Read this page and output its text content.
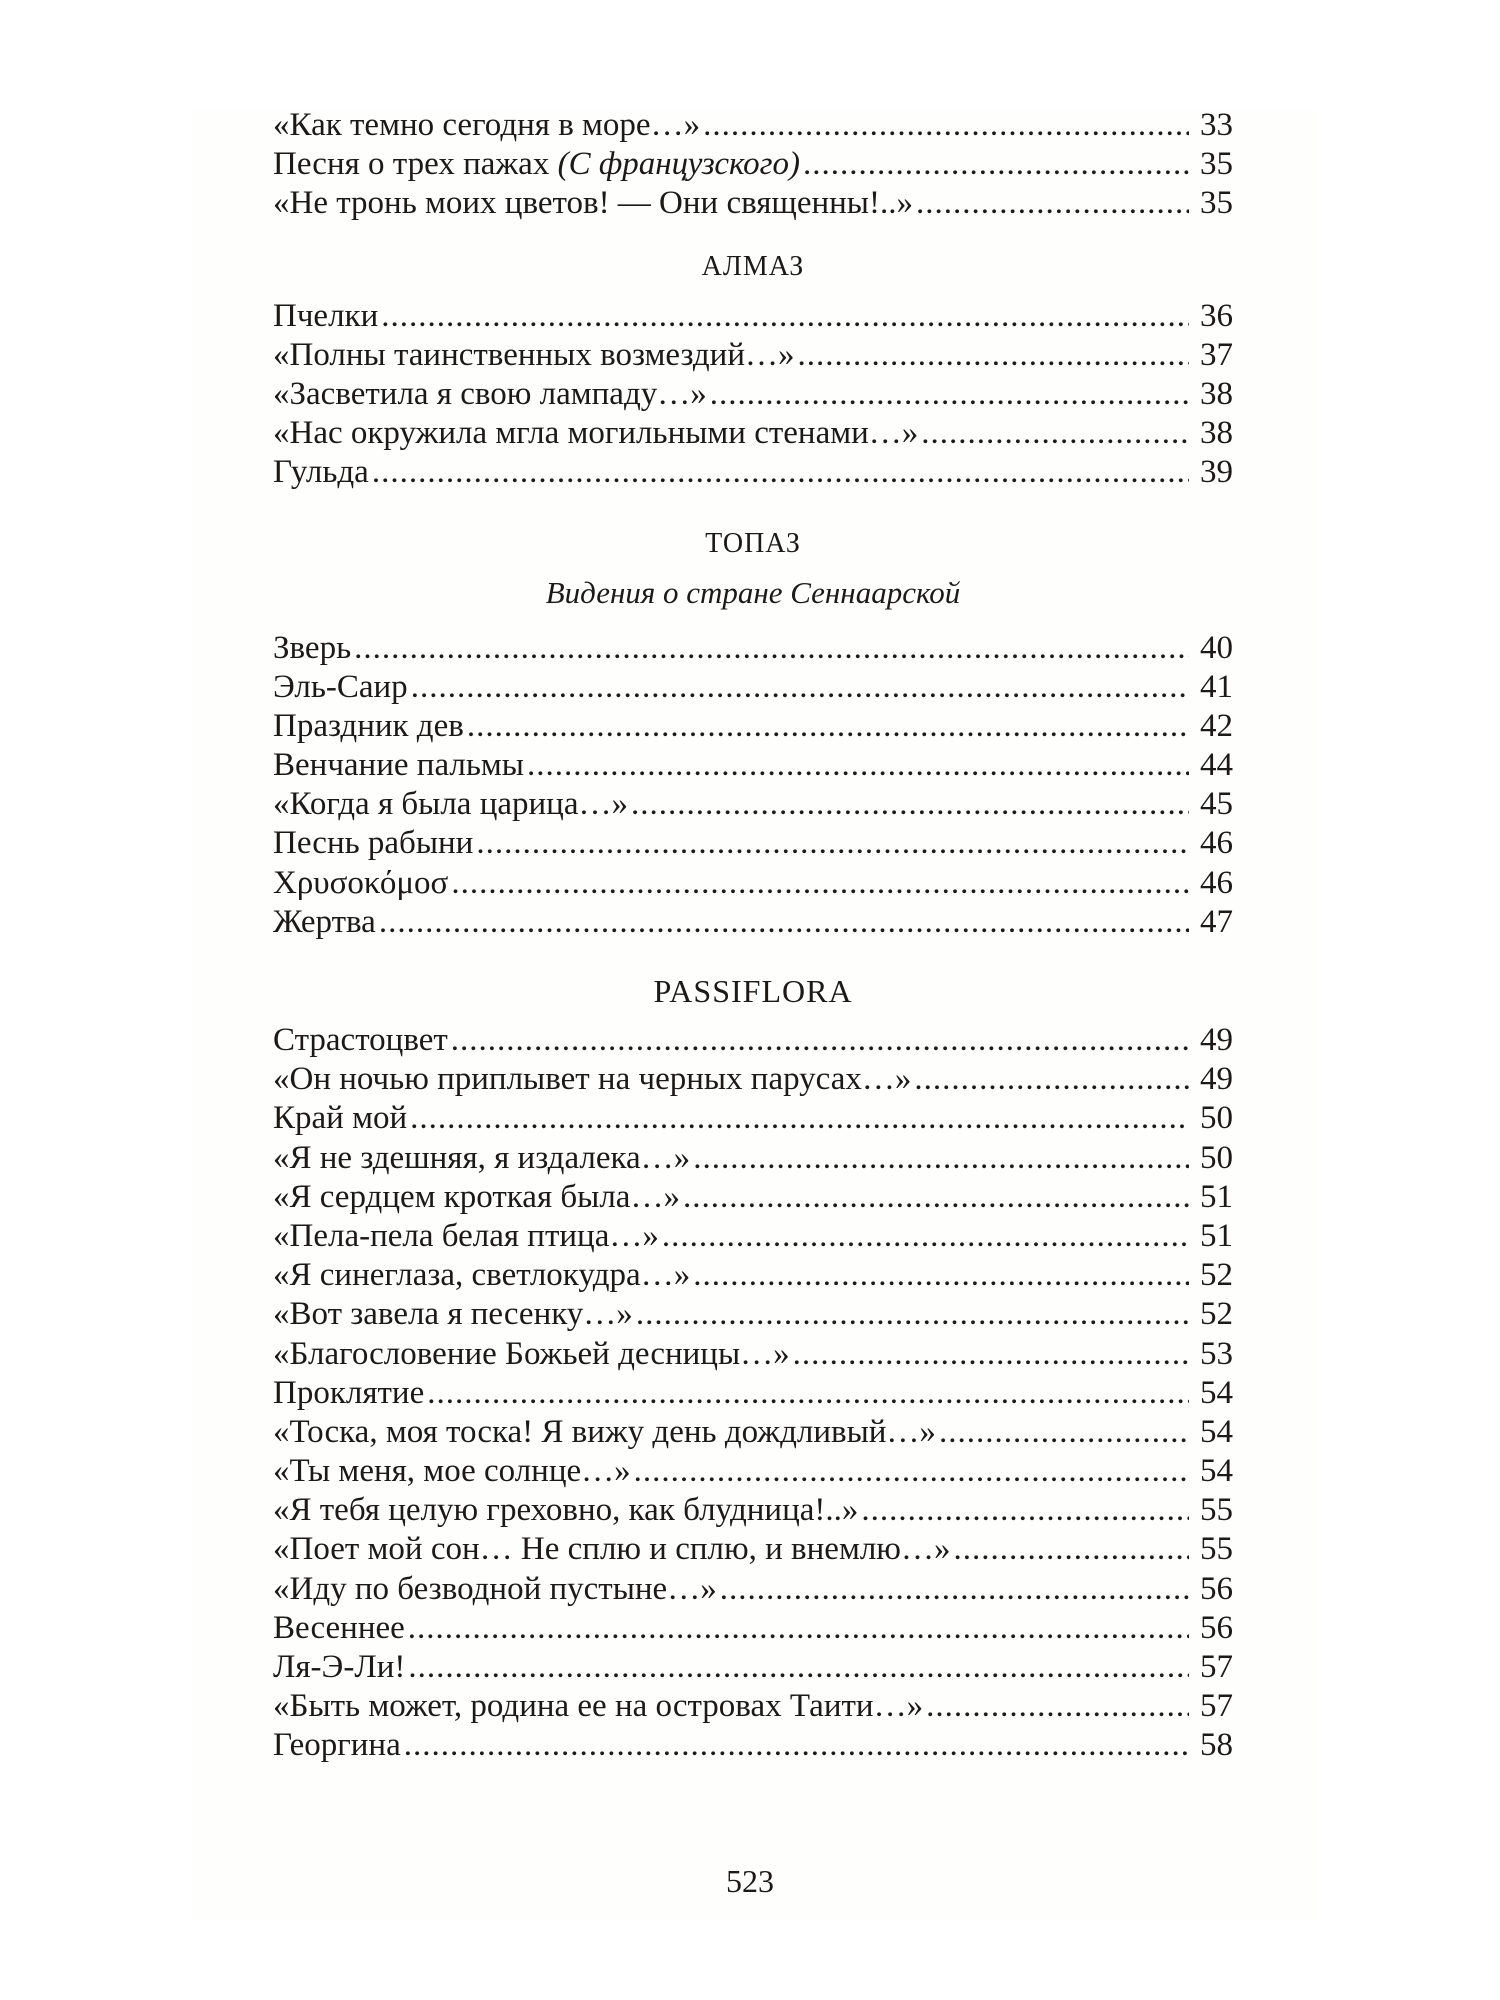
«Как темно сегодня в море…» .....	33
Песня о трех пажах (С французского) .....	35
«Не тронь моих цветов! — Они священны!..» .....	35
АЛМАЗ
Пчелки .....	36
«Полны таинственных возмездий…» .....	37
«Засветила я свою лампаду…» .....	38
«Нас окружила мгла могильными стенами…» .....	38
Гульда .....	39
ТОПАЗ
Видения о стране Сеннаарской
Зверь .....	40
Эль-Саир .....	41
Праздник дев .....	42
Венчание пальмы .....	44
«Когда я была царица…» .....	45
Песнь рабыни .....	46
Χρυσοκόμοσ .....	46
Жертва .....	47
PASSIFLORA
Страстоцвет .....	49
«Он ночью приплывет на черных парусах…» .....	49
Край мой .....	50
«Я не здешняя, я издалека…» .....	50
«Я сердцем кроткая была…» .....	51
«Пела-пела белая птица…» .....	51
«Я синеглаза, светлокудра…» .....	52
«Вот завела я песенку…» .....	52
«Благословение Божьей десницы…» .....	53
Проклятие .....	54
«Тоска, моя тоска! Я вижу день дождливый…» .....	54
«Ты меня, мое солнце…» .....	54
«Я тебя целую греховно, как блудница!..» .....	55
«Поет мой сон… Не сплю и сплю, и внемлю…» .....	55
«Иду по безводной пустыне…» .....	56
Весеннее .....	56
Ля-Э-Ли! .....	57
«Быть может, родина ее на островах Таити…» .....	57
Георгина .....	58
523
